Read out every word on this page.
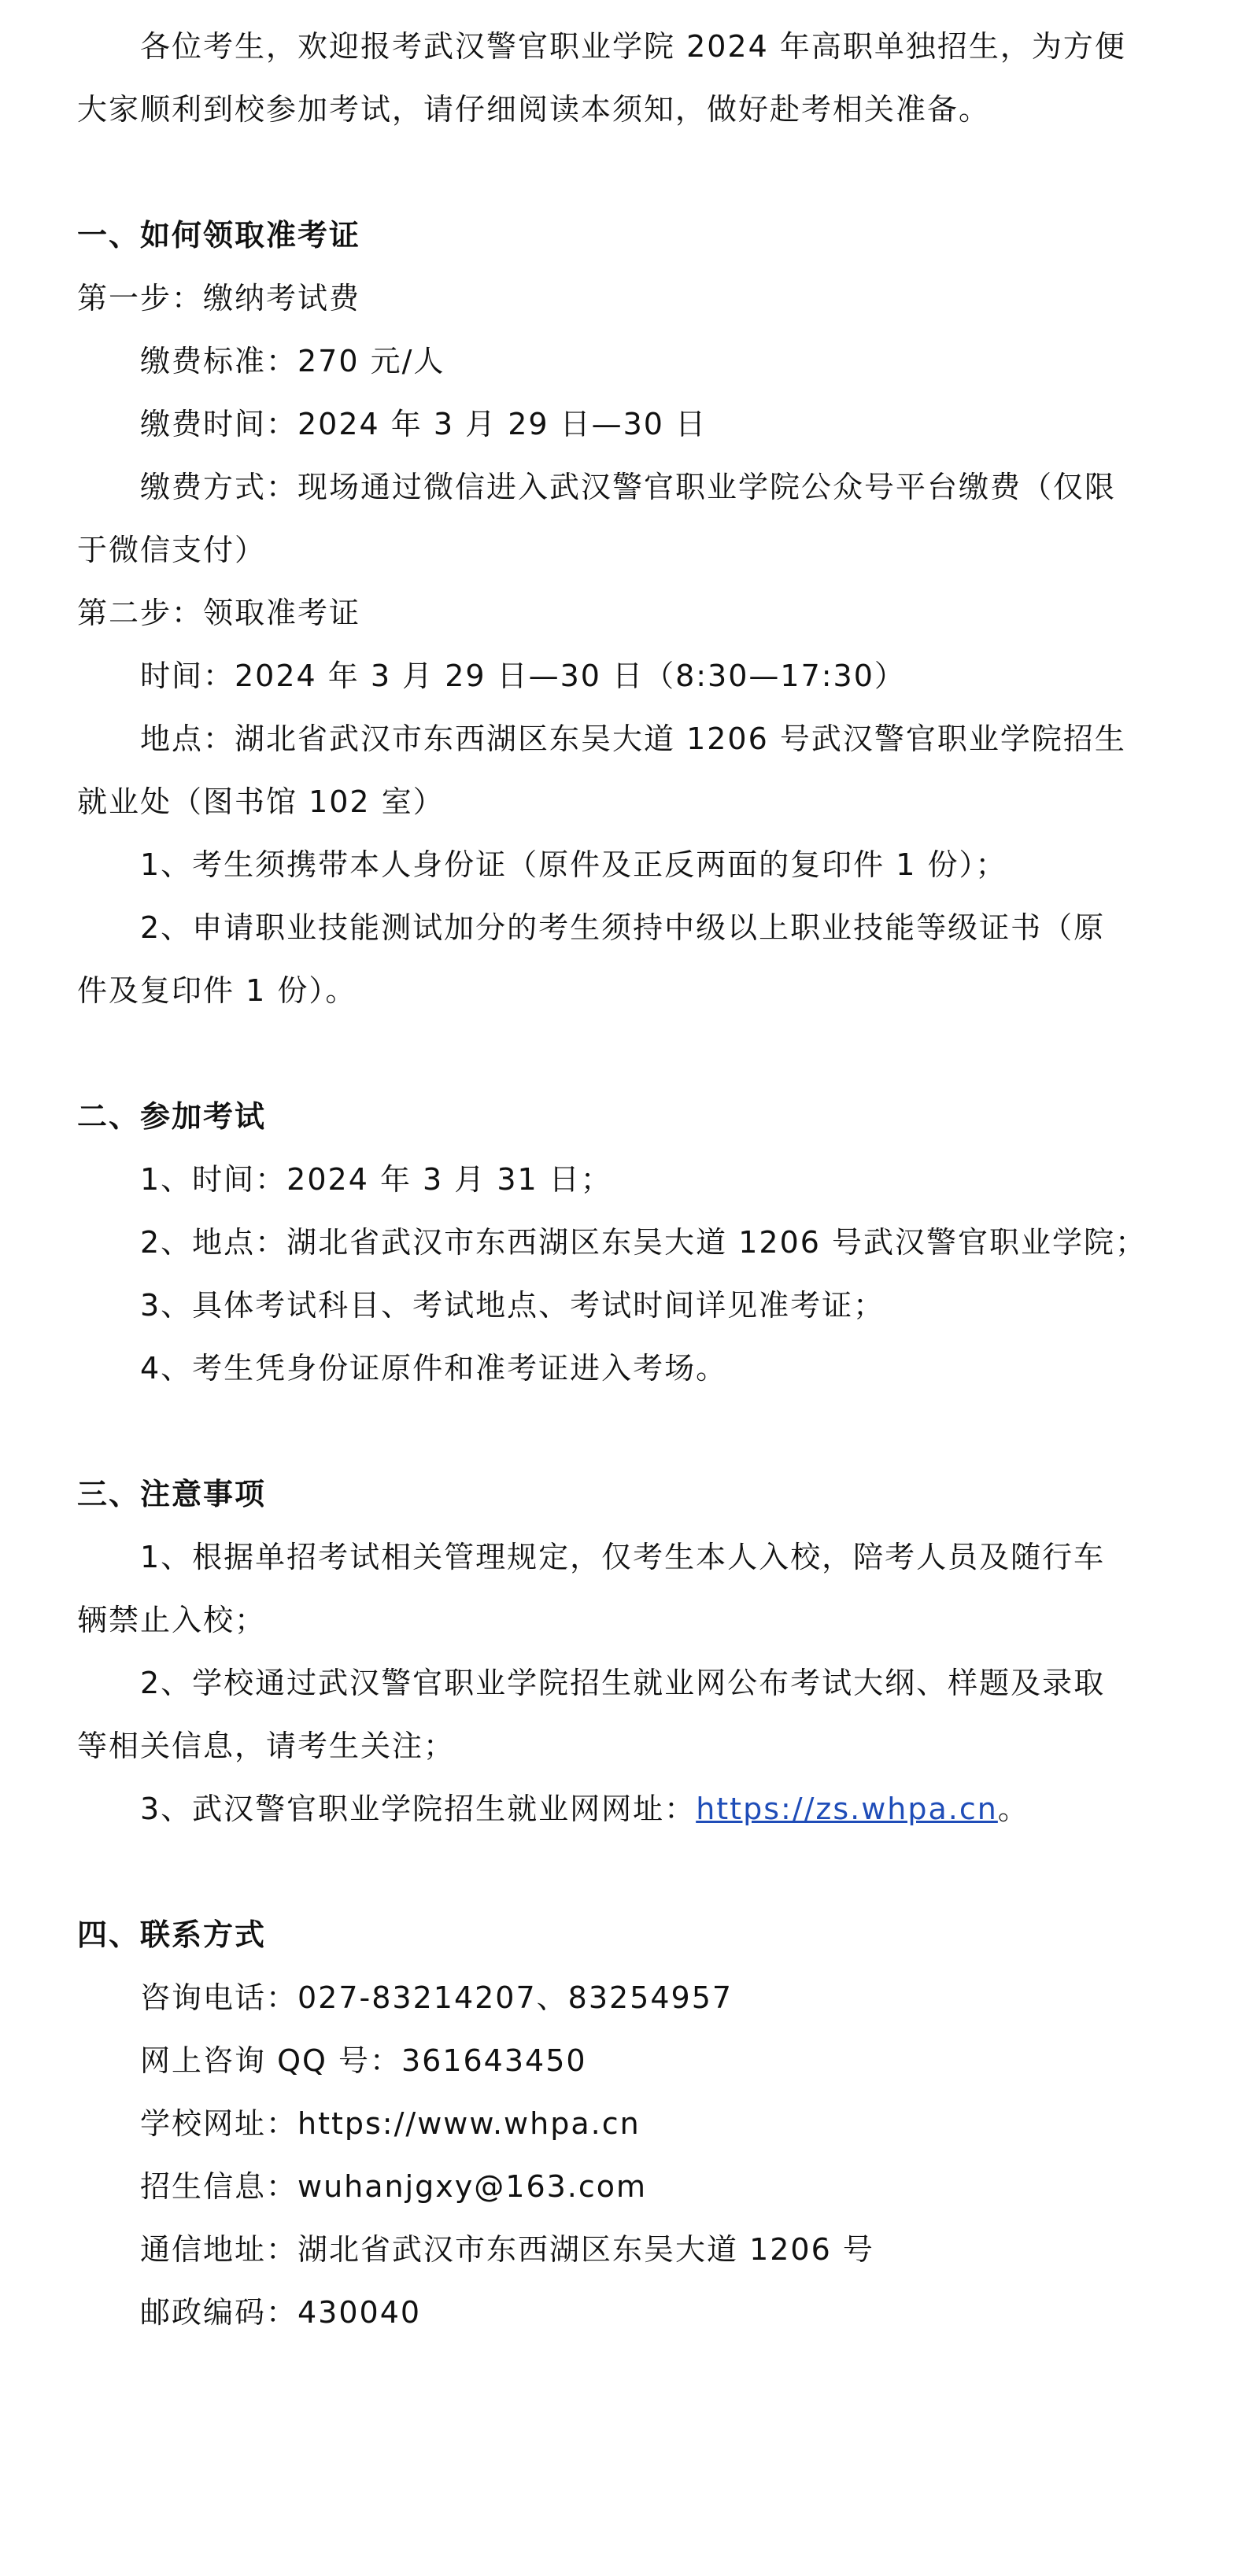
各位考生，欢迎报考武汉警官职业学院 2024 年高职单独招生，为方便
大家顺利到校参加考试，请仔细阅读本须知，做好赴考相关准备。
一、如何领取准考证
第一步：缴纳考试费
缴费标准：270 元/人
缴费时间：2024 年 3 月 29 日—30 日
缴费方式：现场通过微信进入武汉警官职业学院公众号平台缴费（仅限
于微信支付）
第二步：领取准考证
时间：2024 年 3 月 29 日—30 日（8:30—17:30）
地点：湖北省武汉市东西湖区东吴大道 1206 号武汉警官职业学院招生
就业处（图书馆 102 室）
1、考生须携带本人身份证（原件及正反两面的复印件 1 份）；
2、申请职业技能测试加分的考生须持中级以上职业技能等级证书（原
件及复印件 1 份）。
二、参加考试
1、时间：2024 年 3 月 31 日；
2、地点：湖北省武汉市东西湖区东吴大道 1206 号武汉警官职业学院；
3、具体考试科目、考试地点、考试时间详见准考证；
4、考生凭身份证原件和准考证进入考场。
三、注意事项
1、根据单招考试相关管理规定，仅考生本人入校，陪考人员及随行车
辆禁止入校；
2、学校通过武汉警官职业学院招生就业网公布考试大纲、样题及录取
等相关信息，请考生关注；
3、武汉警官职业学院招生就业网网址：https://zs.whpa.cn。
四、联系方式
咨询电话：027-83214207、83254957
网上咨询 QQ 号：361643450
学校网址：https://www.whpa.cn
招生信息：wuhanjgxy@163.com
通信地址：湖北省武汉市东西湖区东吴大道 1206 号
邮政编码：430040
